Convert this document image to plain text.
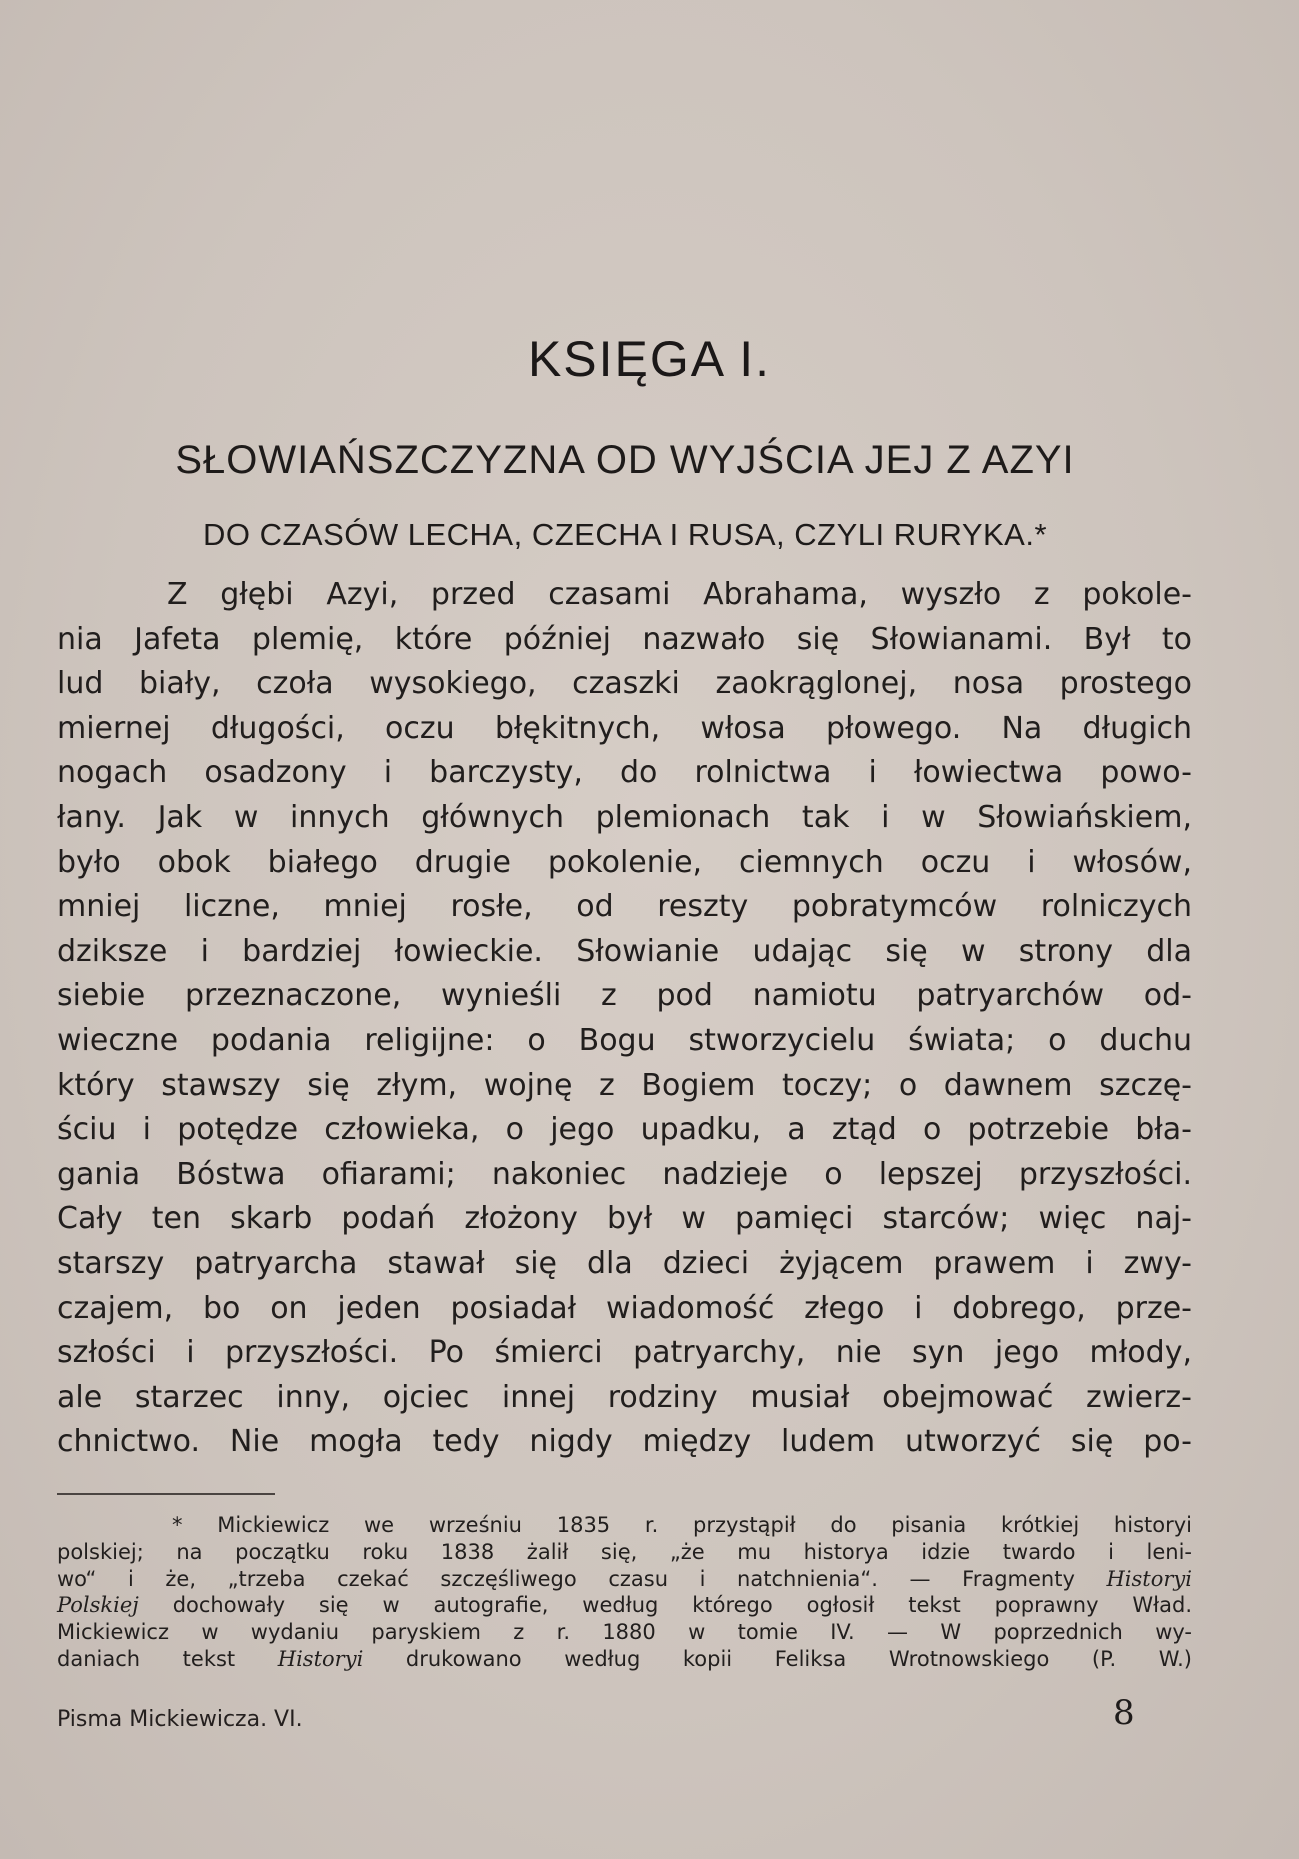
KSIĘGA I.
SŁOWIAŃSZCZYZNA OD WYJŚCIA JEJ Z AZYI
DO CZASÓW LECHA, CZECHA I RUSA, CZYLI RURYKA.*
Z głębi Azyi, przed czasami Abrahama, wyszło z pokole-
nia Jafeta plemię, które później nazwało się Słowianami. Był to
lud biały, czoła wysokiego, czaszki zaokrąglonej, nosa prostego
miernej długości, oczu błękitnych, włosa płowego. Na długich
nogach osadzony i barczysty, do rolnictwa i łowiectwa powo-
łany. Jak w innych głównych plemionach tak i w Słowiańskiem,
było obok białego drugie pokolenie, ciemnych oczu i włosów,
mniej liczne, mniej rosłe, od reszty pobratymców rolniczych
dziksze i bardziej łowieckie. Słowianie udając się w strony dla
siebie przeznaczone, wynieśli z pod namiotu patryarchów od-
wieczne podania religijne: o Bogu stworzycielu świata; o duchu
który stawszy się złym, wojnę z Bogiem toczy; o dawnem szczę-
ściu i potędze człowieka, o jego upadku, a ztąd o potrzebie bła-
gania Bóstwa ofiarami; nakoniec nadzieje o lepszej przyszłości.
Cały ten skarb podań złożony był w pamięci starców; więc naj-
starszy patryarcha stawał się dla dzieci żyjącem prawem i zwy-
czajem, bo on jeden posiadał wiadomość złego i dobrego, prze-
szłości i przyszłości. Po śmierci patryarchy, nie syn jego młody,
ale starzec inny, ojciec innej rodziny musiał obejmować zwierz-
chnictwo. Nie mogła tedy nigdy między ludem utworzyć się po-
* Mickiewicz we wrześniu 1835 r. przystąpił do pisania krótkiej historyi
polskiej; na początku roku 1838 żalił się, „że mu historya idzie twardo i leni-
wo“ i że, „trzeba czekać szczęśliwego czasu i natchnienia“. — Fragmenty Historyi
Polskiej dochowały się w autografie, według którego ogłosił tekst poprawny Wład.
Mickiewicz w wydaniu paryskiem z r. 1880 w tomie IV. — W poprzednich wy-
daniach tekst Historyi drukowano według kopii Feliksa Wrotnowskiego (P. W.)
Pisma Mickiewicza. VI.	8
